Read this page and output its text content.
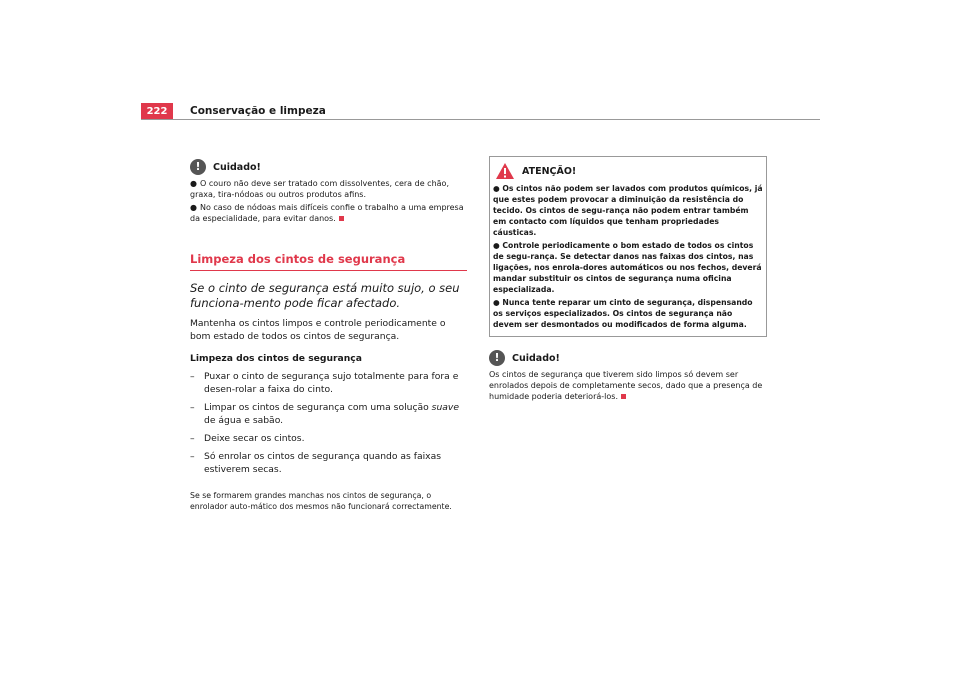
222	Conservação e limpeza
!	Cuidado!
● O couro não deve ser tratado com dissolventes, cera de chão, graxa, tira-nódoas ou outros produtos afins.
● No caso de nódoas mais difíceis confie o trabalho a uma empresa da especialidade, para evitar danos.
Limpeza dos cintos de segurança
Se o cinto de segurança está muito sujo, o seu funciona-mento pode ficar afectado.

Mantenha os cintos limpos e controle periodicamente o bom estado de todos os cintos de segurança.

Limpeza dos cintos de segurança

–	Puxar o cinto de segurança sujo totalmente para fora e desen-rolar a faixa do cinto.
–	Limpar os cintos de segurança com uma solução suave de água e sabão.
–	Deixe secar os cintos.
–	Só enrolar os cintos de segurança quando as faixas estiverem secas.
Se se formarem grandes manchas nos cintos de segurança, o enrolador auto-mático dos mesmos não funcionará correctamente.
ATENÇÃO!
● Os cintos não podem ser lavados com produtos químicos, já que estes podem provocar a diminuição da resistência do tecido. Os cintos de segu-rança não podem entrar também em contacto com líquidos que tenham propriedades cáusticas.
● Controle periodicamente o bom estado de todos os cintos de segu-rança. Se detectar danos nas faixas dos cintos, nas ligações, nos enrola-dores automáticos ou nos fechos, deverá mandar substituir os cintos de segurança numa oficina especializada.
● Nunca tente reparar um cinto de segurança, dispensando os serviços especializados. Os cintos de segurança não devem ser desmontados ou modificados de forma alguma.
!	Cuidado!
Os cintos de segurança que tiverem sido limpos só devem ser enrolados depois de completamente secos, dado que a presença de humidade poderia deteriorá-los.
